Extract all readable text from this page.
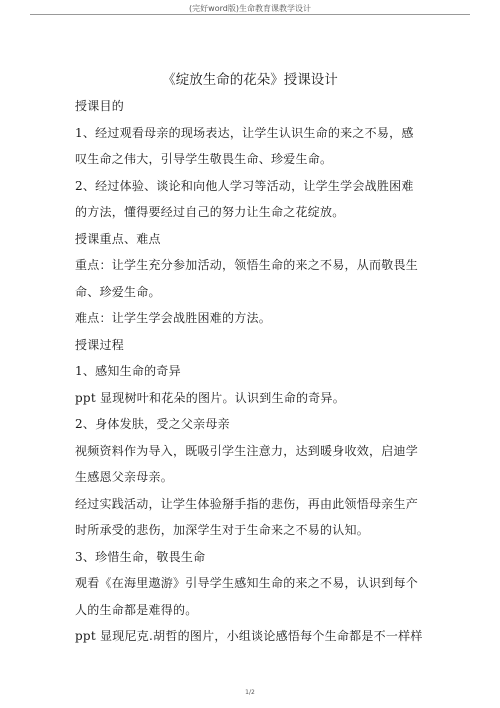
(完好word版)生命教育课教学设计
《绽放生命的花朵》授课设计

授课目的

1、经过观看母亲的现场表达，让学生认识生命的来之不易，感

叹生命之伟大，引导学生敬畏生命、珍爱生命。

2、经过体验、谈论和向他人学习等活动，让学生学会战胜困难

的方法，懂得要经过自己的努力让生命之花绽放。

授课重点、难点

重点：让学生充分参加活动，领悟生命的来之不易，从而敬畏生

命、珍爱生命。

难点：让学生学会战胜困难的方法。

授课过程

1、感知生命的奇异

ppt 显现树叶和花朵的图片。认识到生命的奇异。

2、身体发肤，受之父亲母亲

视频资料作为导入，既吸引学生注意力，达到暖身收效，启迪学

生感恩父亲母亲。

经过实践活动，让学生体验掰手指的悲伤，再由此领悟母亲生产

时所承受的悲伤，加深学生对于生命来之不易的认知。

3、珍惜生命，敬畏生命

观看《在海里遨游》引导学生感知生命的来之不易，认识到每个

人的生命都是难得的。

ppt 显现尼克.胡哲的图片，小组谈论感悟每个生命都是不一样样

1/2
